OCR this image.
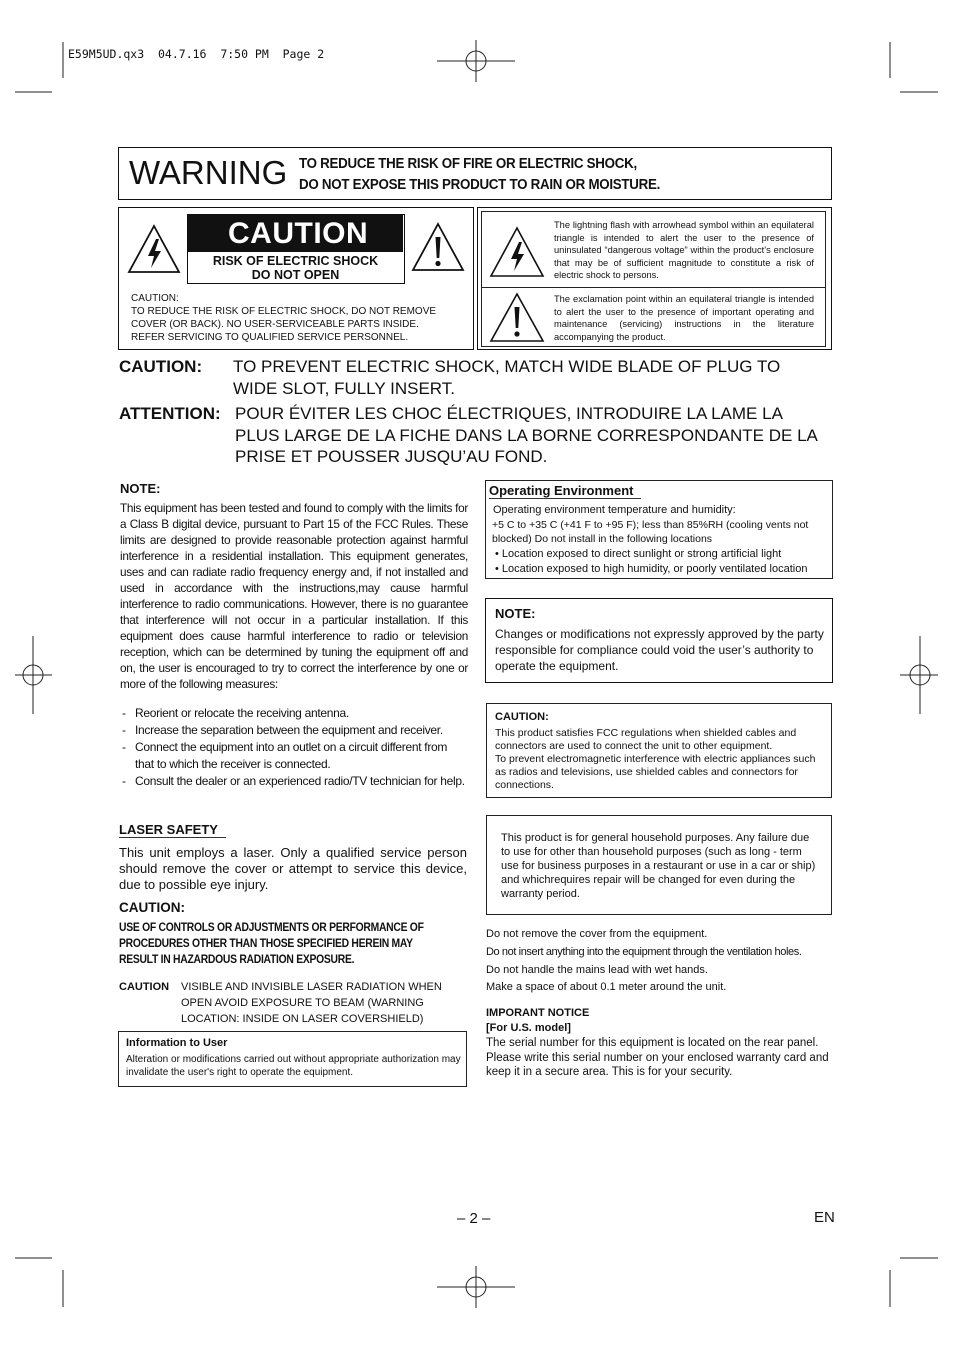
E59M5UD.qx3  04.7.16  7:50 PM  Page 2
WARNING TO REDUCE THE RISK OF FIRE OR ELECTRIC SHOCK,
DO NOT EXPOSE THIS PRODUCT TO RAIN OR MOISTURE.
CAUTION
RISK OF ELECTRIC SHOCK
DO NOT OPEN
CAUTION:
TO REDUCE THE RISK OF ELECTRIC SHOCK, DO NOT REMOVE
COVER (OR BACK). NO USER-SERVICEABLE PARTS INSIDE.
REFER SERVICING TO QUALIFIED SERVICE PERSONNEL.

The lightning flash with arrowhead symbol within an equilateral triangle is intended to alert the user to the presence of uninsulated “dangerous voltage” within the product’s enclosure that may be of sufficient magnitude to constitute a risk of electric shock to persons.

The exclamation point within an equilateral triangle is intended to alert the user to the presence of important operating and maintenance (servicing) instructions in the literature accompanying the product.

CAUTION: TO PREVENT ELECTRIC SHOCK, MATCH WIDE BLADE OF PLUG TO
WIDE SLOT, FULLY INSERT.
ATTENTION: POUR ÉVITER LES CHOC ÉLECTRIQUES, INTRODUIRE LA LAME LA
PLUS LARGE DE LA FICHE DANS LA BORNE CORRESPONDANTE DE LA
PRISE ET POUSSER JUSQU’AU FOND.
NOTE:

This equipment has been tested and found to comply with the limits for a Class B digital device, pursuant to Part 15 of the FCC Rules. These limits are designed to provide reasonable protection against harmful interference in a residential installation. This equipment generates, uses and can radiate radio frequency energy and, if not installed and used in accordance with the instructions,may cause harmful interference to radio communications. However, there is no guarantee that interference will not occur in a particular installation. If this equipment does cause harmful interference to radio or television reception, which can be determined by tuning the equipment off and on, the user is encouraged to try to correct the interference by one or more of the following measures:

- Reorient or relocate the receiving antenna.
- Increase the separation between the equipment and receiver.
- Connect the equipment into an outlet on a circuit different from that to which the receiver is connected.
- Consult the dealer or an experienced radio/TV technician for help.
LASER SAFETY

This unit employs a laser. Only a qualified service person should remove the cover or attempt to service this device, due to possible eye injury.

CAUTION:
USE OF CONTROLS OR ADJUSTMENTS OR PERFORMANCE OF
PROCEDURES OTHER THAN THOSE SPECIFIED HEREIN MAY
RESULT IN HAZARDOUS RADIATION EXPOSURE.
CAUTION VISIBLE AND INVISIBLE LASER RADIATION WHEN
OPEN AVOID EXPOSURE TO BEAM (WARNING
LOCATION: INSIDE ON LASER COVERSHIELD)
Information to User

Alteration or modifications carried out without appropriate authorization may invalidate the user's right to operate the equipment.

Operating Environment
Operating environment temperature and humidity:

+5 C to +35 C (+41 F to +95 F); less than 85%RH (cooling vents not blocked) Do not install in the following locations

• Location exposed to direct sunlight or strong artificial light
• Location exposed to high humidity, or poorly ventilated location
NOTE:

Changes or modifications not expressly approved by the party responsible for compliance could void the user’s authority to operate the equipment.

CAUTION:

This product satisfies FCC regulations when shielded cables and connectors are used to connect the unit to other equipment.

To prevent electromagnetic interference with electric appliances such as radios and televisions, use shielded cables and connectors for connections.

This product is for general household purposes. Any failure due to use for other than household purposes (such as long - term use for business purposes in a restaurant or use in a car or ship) and whichrequires repair will be changed for even during the warranty period.

Do not remove the cover from the equipment.
Do not insert anything into the equipment through the ventilation holes.
Do not handle the mains lead with wet hands.
Make a space of about 0.1 meter around the unit.
IMPORANT NOTICE
[For U.S. model]

The serial number for this equipment is located on the rear panel. Please write this serial number on your enclosed warranty card and keep it in a secure area. This is for your security.

– 2 –	EN
